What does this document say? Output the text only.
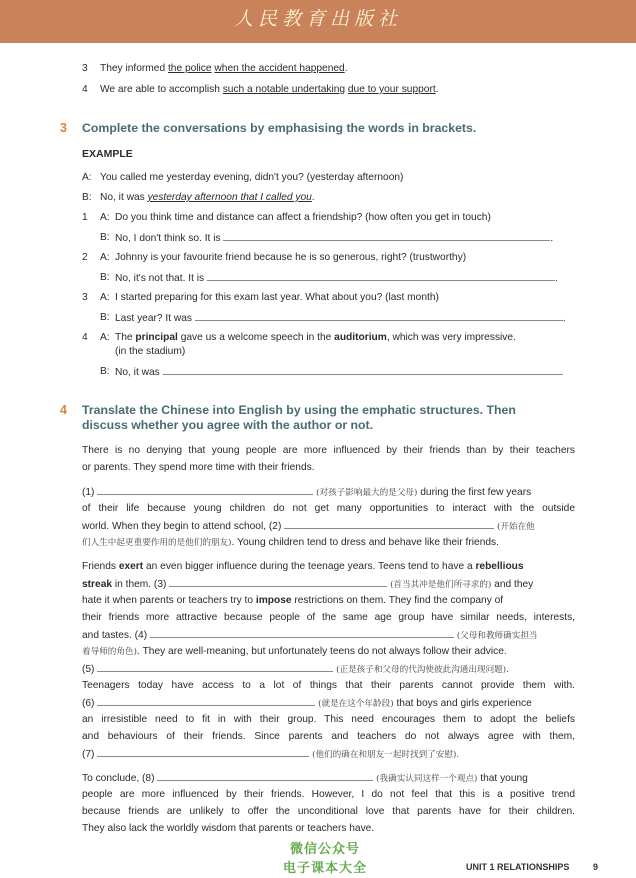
人民教育出版社
3 They informed the police when the accident happened.
4 We are able to accomplish such a notable undertaking due to your support.
3 Complete the conversations by emphasising the words in brackets.
EXAMPLE
A: You called me yesterday evening, didn't you? (yesterday afternoon)
B: No, it was yesterday afternoon that I called you.
1 A: Do you think time and distance can affect a friendship? (how often you get in touch)
B: No, I don't think so. It is	.
2 A: Johnny is your favourite friend because he is so generous, right? (trustworthy)
B: No, it's not that. It is	.
3 A: I started preparing for this exam last year. What about you? (last month)
B: Last year? It was	.
4 A: The principal gave us a welcome speech in the auditorium, which was very impressive.
(in the stadium)
B: No, it was	.
4 Translate the Chinese into English by using the emphatic structures. Then
discuss whether you agree with the author or not.
There is no denying that young people are more influenced by their friends than by their teachers
or parents. They spend more time with their friends.
(1)	(对孩子影响最大的是父母) during the first few years
of their life because young children do not get many opportunities to interact with the outside
world. When they begin to attend school, (2)	(开始在他
们人生中起更重要作用的是他们的朋友). Young children tend to dress and behave like their friends.
Friends exert an even bigger influence during the teenage years. Teens tend to have a rebellious
streak in them. (3)	(首当其冲是他们所寻求的) and they
hate it when parents or teachers try to impose restrictions on them. They find the company of
their friends more attractive because people of the same age group have similar needs, interests,
and tastes. (4)	(父母和教师确实担当
着导师的角色). They are well-meaning, but unfortunately teens do not always follow their advice.
(5)	(正是孩子和父母的代沟使彼此沟通出现问题).
Teenagers today have access to a lot of things that their parents cannot provide them with.
(6)	(就是在这个年龄段) that boys and girls experience
an irresistible need to fit in with their group. This need encourages them to adopt the beliefs
and behaviours of their friends. Since parents and teachers do not always agree with them,
(7)	(他们的确在和朋友一起时找到了安慰).
To conclude, (8)	(我确实认同这样一个观点) that young
people are more influenced by their friends. However, I do not feel that this is a positive trend
because friends are unlikely to offer the unconditional love that parents have for their children.
They also lack the worldly wisdom that parents or teachers have.
微信公众号
电子课本大全	UNIT 1 RELATIONSHIPS	9
